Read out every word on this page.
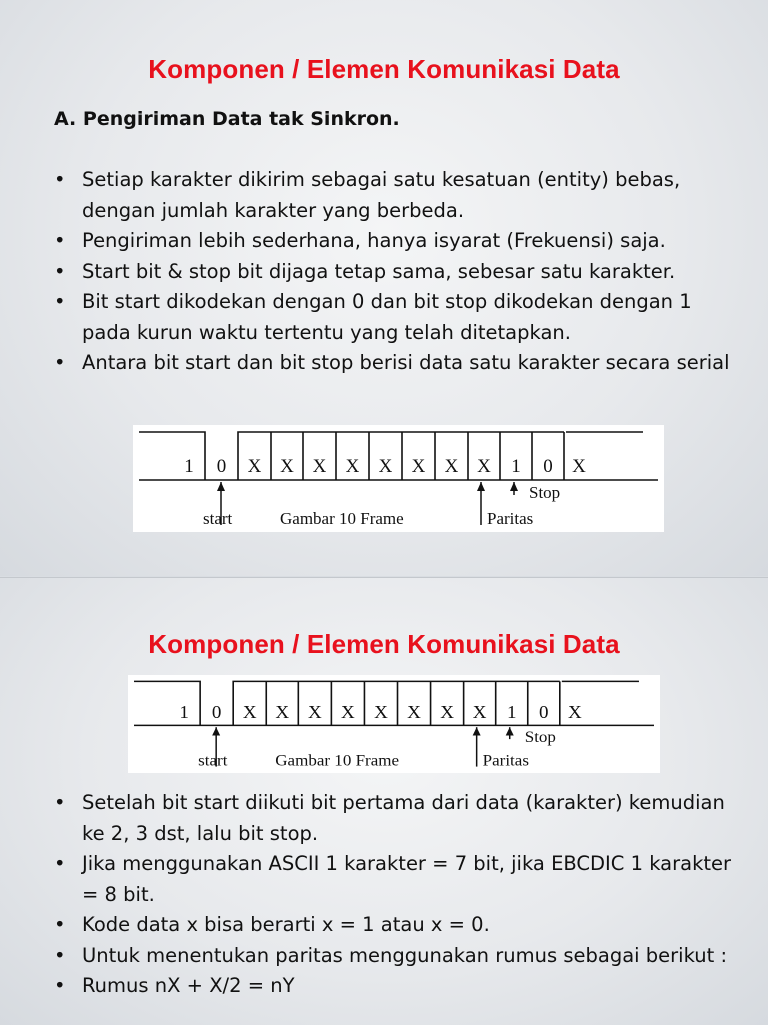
Komponen / Elemen Komunikasi Data
A. Pengiriman Data tak Sinkron.
• Setiap karakter dikirim sebagai satu kesatuan (entity) bebas, dengan jumlah karakter yang berbeda.
• Pengiriman lebih sederhana, hanya isyarat (Frekuensi) saja.
• Start bit & stop bit dijaga tetap sama, sebesar satu karakter.
• Bit start dikodekan dengan 0 dan bit stop dikodekan dengan 1 pada kurun waktu tertentu yang telah ditetapkan.
• Antara bit start dan bit stop berisi data satu karakter secara serial
1 0 X X X X X X X X 1 0 X
start	Gambar 10 Frame	Paritas
Stop
Komponen / Elemen Komunikasi Data
1 0 X X X X X X X X 1 0 X
start	Gambar 10 Frame	Paritas
Stop
• Setelah bit start diikuti bit pertama dari data (karakter) kemudian ke 2, 3 dst, lalu bit stop.
• Jika menggunakan ASCII 1 karakter = 7 bit, jika EBCDIC 1 karakter = 8 bit.
• Kode data x bisa berarti x = 1 atau x = 0.
• Untuk menentukan paritas menggunakan rumus sebagai berikut :
• Rumus nX + X/2 = nY
